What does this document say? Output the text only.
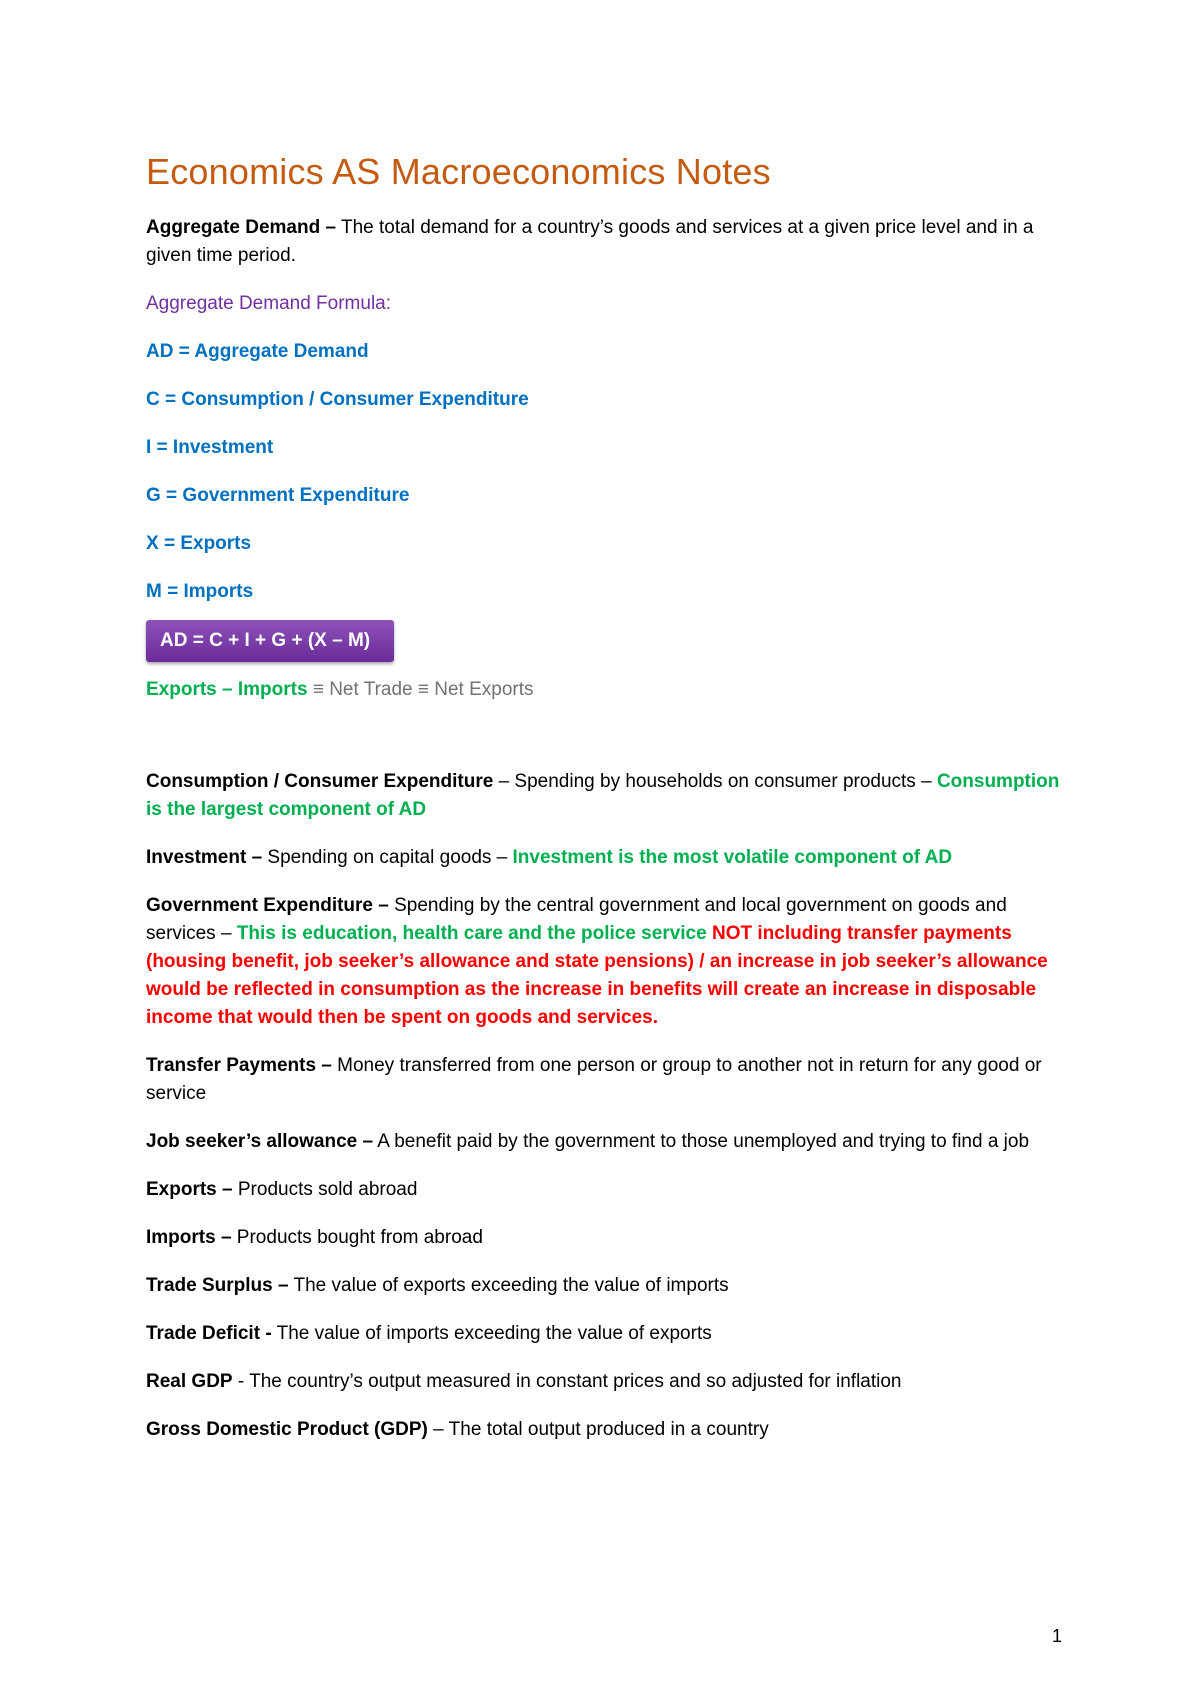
Economics AS Macroeconomics Notes

Aggregate Demand – The total demand for a country’s goods and services at a given price level and in a given time period.

Aggregate Demand Formula:

AD = Aggregate Demand

C = Consumption / Consumer Expenditure

I = Investment

G = Government Expenditure

X = Exports

M = Imports

AD = C + I + G + (X – M)

Exports – Imports ≡ Net Trade ≡ Net Exports

Consumption / Consumer Expenditure – Spending by households on consumer products – Consumption is the largest component of AD

Investment – Spending on capital goods – Investment is the most volatile component of AD

Government Expenditure – Spending by the central government and local government on goods and services – This is education, health care and the police service NOT including transfer payments (housing benefit, job seeker’s allowance and state pensions) / an increase in job seeker’s allowance would be reflected in consumption as the increase in benefits will create an increase in disposable income that would then be spent on goods and services.

Transfer Payments – Money transferred from one person or group to another not in return for any good or service

Job seeker’s allowance – A benefit paid by the government to those unemployed and trying to find a job

Exports – Products sold abroad

Imports – Products bought from abroad

Trade Surplus – The value of exports exceeding the value of imports

Trade Deficit - The value of imports exceeding the value of exports

Real GDP - The country’s output measured in constant prices and so adjusted for inflation

Gross Domestic Product (GDP) – The total output produced in a country

1
